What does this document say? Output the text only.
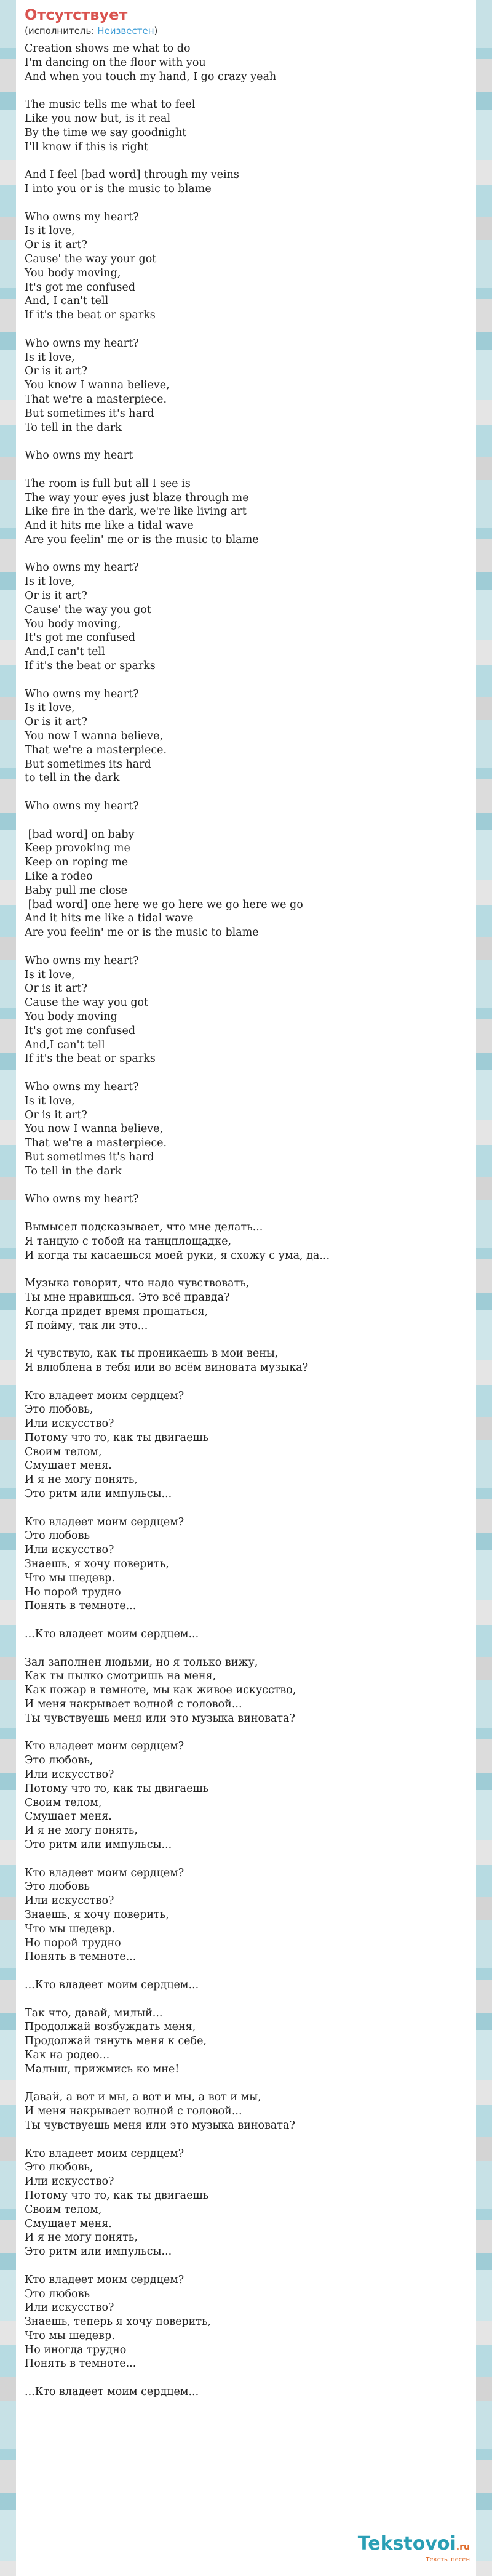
Отсутствует

(исполнитель: Неизвестен)

Creation shows me what to do
I'm dancing on the floor with you
And when you touch my hand, I go crazy yeah
The music tells me what to feel
Like you now but, is it real
By the time we say goodnight
I'll know if this is right
And I feel [bad word] through my veins
I into you or is the music to blame
Who owns my heart?
Is it love,
Or is it art?
Cause' the way your got
You body moving,
It's got me confused
And, I can't tell
If it's the beat or sparks
Who owns my heart?
Is it love,
Or is it art?
You know I wanna believe,
That we're a masterpiece.
But sometimes it's hard
To tell in the dark
Who owns my heart
The room is full but all I see is
The way your eyes just blaze through me
Like fire in the dark, we're like living art
And it hits me like a tidal wave
Are you feelin' me or is the music to blame
Who owns my heart?
Is it love,
Or is it art?
Cause' the way you got
You body moving,
It's got me confused
And,I can't tell
If it's the beat or sparks
Who owns my heart?
Is it love,
Or is it art?
You now I wanna believe,
That we're a masterpiece.
But sometimes its hard
to tell in the dark
Who owns my heart?
[bad word] on baby
Keep provoking me
Keep on roping me
Like a rodeo
Baby pull me close
[bad word] one here we go here we go here we go
And it hits me like a tidal wave
Are you feelin' me or is the music to blame
Who owns my heart?
Is it love,
Or is it art?
Cause the way you got
You body moving
It's got me confused
And,I can't tell
If it's the beat or sparks
Who owns my heart?
Is it love,
Or is it art?
You now I wanna believe,
That we're a masterpiece.
But sometimes it's hard
To tell in the dark
Who owns my heart?
Вымысел подсказывает, что мне делать...
Я танцую с тобой на танцплощадке,
И когда ты касаешься моей руки, я схожу с ума, да...
Музыка говорит, что надо чувствовать,
Ты мне нравишься. Это всё правда?
Когда придет время прощаться,
Я пойму, так ли это...
Я чувствую, как ты проникаешь в мои вены,
Я влюблена в тебя или во всём виновата музыка?
Кто владеет моим сердцем?
Это любовь,
Или искусство?
Потому что то, как ты двигаешь
Своим телом,
Смущает меня.
И я не могу понять,
Это ритм или импульсы...
Кто владеет моим сердцем?
Это любовь
Или искусство?
Знаешь, я хочу поверить,
Что мы шедевр.
Но порой трудно
Понять в темноте...
...Кто владеет моим сердцем...
Зал заполнен людьми, но я только вижу,
Как ты пылко смотришь на меня,
Как пожар в темноте, мы как живое искусство,
И меня накрывает волной с головой...
Ты чувствуешь меня или это музыка виновата?
Кто владеет моим сердцем?
Это любовь,
Или искусство?
Потому что то, как ты двигаешь
Своим телом,
Смущает меня.
И я не могу понять,
Это ритм или импульсы...
Кто владеет моим сердцем?
Это любовь
Или искусство?
Знаешь, я хочу поверить,
Что мы шедевр.
Но порой трудно
Понять в темноте...
...Кто владеет моим сердцем...
Так что, давай, милый...
Продолжай возбуждать меня,
Продолжай тянуть меня к себе,
Как на родео...
Малыш, прижмись ко мне!
Давай, а вот и мы, а вот и мы, а вот и мы,
И меня накрывает волной с головой...
Ты чувствуешь меня или это музыка виновата?
Кто владеет моим сердцем?
Это любовь,
Или искусство?
Потому что то, как ты двигаешь
Своим телом,
Смущает меня.
И я не могу понять,
Это ритм или импульсы...
Кто владеет моим сердцем?
Это любовь
Или искусство?
Знаешь, теперь я хочу поверить,
Что мы шедевр.
Но иногда трудно
Понять в темноте...
...Кто владеет моим сердцем...
Tekstovoi.ru
Тексты песен
